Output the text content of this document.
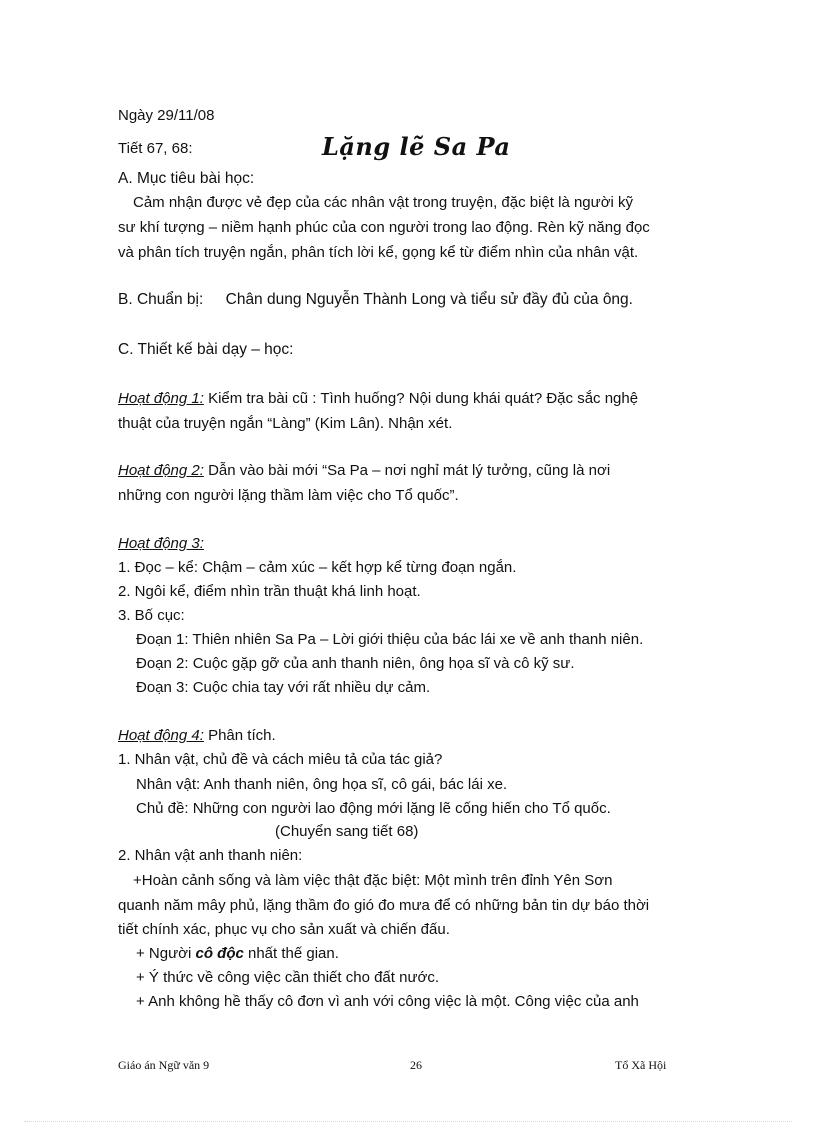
Ngày 29/11/08
Tiết 67, 68:	Lặng lẽ Sa Pa
A. Mục tiêu bài học:
Cảm nhận được vẻ đẹp của các nhân vật trong truyện, đặc biệt là người kỹ
sư khí tượng – niềm hạnh phúc của con người trong lao động. Rèn kỹ năng đọc
và phân tích truyện ngắn, phân tích lời kể, gọng kể từ điểm nhìn của nhân vật.
B. Chuẩn bị: Chân dung Nguyễn Thành Long và tiểu sử đầy đủ của ông.
C. Thiết kế bài dạy – học:
Hoạt động 1: Kiểm tra bài cũ : Tình huống? Nội dung khái quát? Đặc sắc nghệ
thuật của truyện ngắn “Làng” (Kim Lân). Nhận xét.
Hoạt động 2: Dẫn vào bài mới “Sa Pa – nơi nghỉ mát lý tưởng, cũng là nơi
những con người lặng thầm làm việc cho Tổ quốc”.
Hoạt động 3:
1. Đọc – kể: Chậm – cảm xúc – kết hợp kể từng đoạn ngắn.
2. Ngôi kể, điểm nhìn trần thuật khá linh hoạt.
3. Bố cục:
Đoạn 1: Thiên nhiên Sa Pa – Lời giới thiệu của bác lái xe về anh thanh niên.
Đoạn 2: Cuộc gặp gỡ của anh thanh niên, ông họa sĩ và cô kỹ sư.
Đoạn 3: Cuộc chia tay với rất nhiều dự cảm.
Hoạt động 4: Phân tích.
1. Nhân vật, chủ đề và cách miêu tả của tác giả?
Nhân vật: Anh thanh niên, ông họa sĩ, cô gái, bác lái xe.
Chủ đề: Những con người lao động mới lặng lẽ cống hiến cho Tổ quốc.
(Chuyển sang tiết 68)
2. Nhân vật anh thanh niên:
+Hoàn cảnh sống và làm việc thật đặc biệt: Một mình trên đỉnh Yên Sơn
quanh năm mây phủ, lặng thầm đo gió đo mưa để có những bản tin dự báo thời
tiết chính xác, phục vụ cho sản xuất và chiến đấu.
+ Người cô độc nhất thế gian.
+ Ý thức về công việc cần thiết cho đất nước.
+ Anh không hề thấy cô đơn vì anh với công việc là một. Công việc của anh
Giáo án Ngữ văn 9	26	Tổ Xã Hội
